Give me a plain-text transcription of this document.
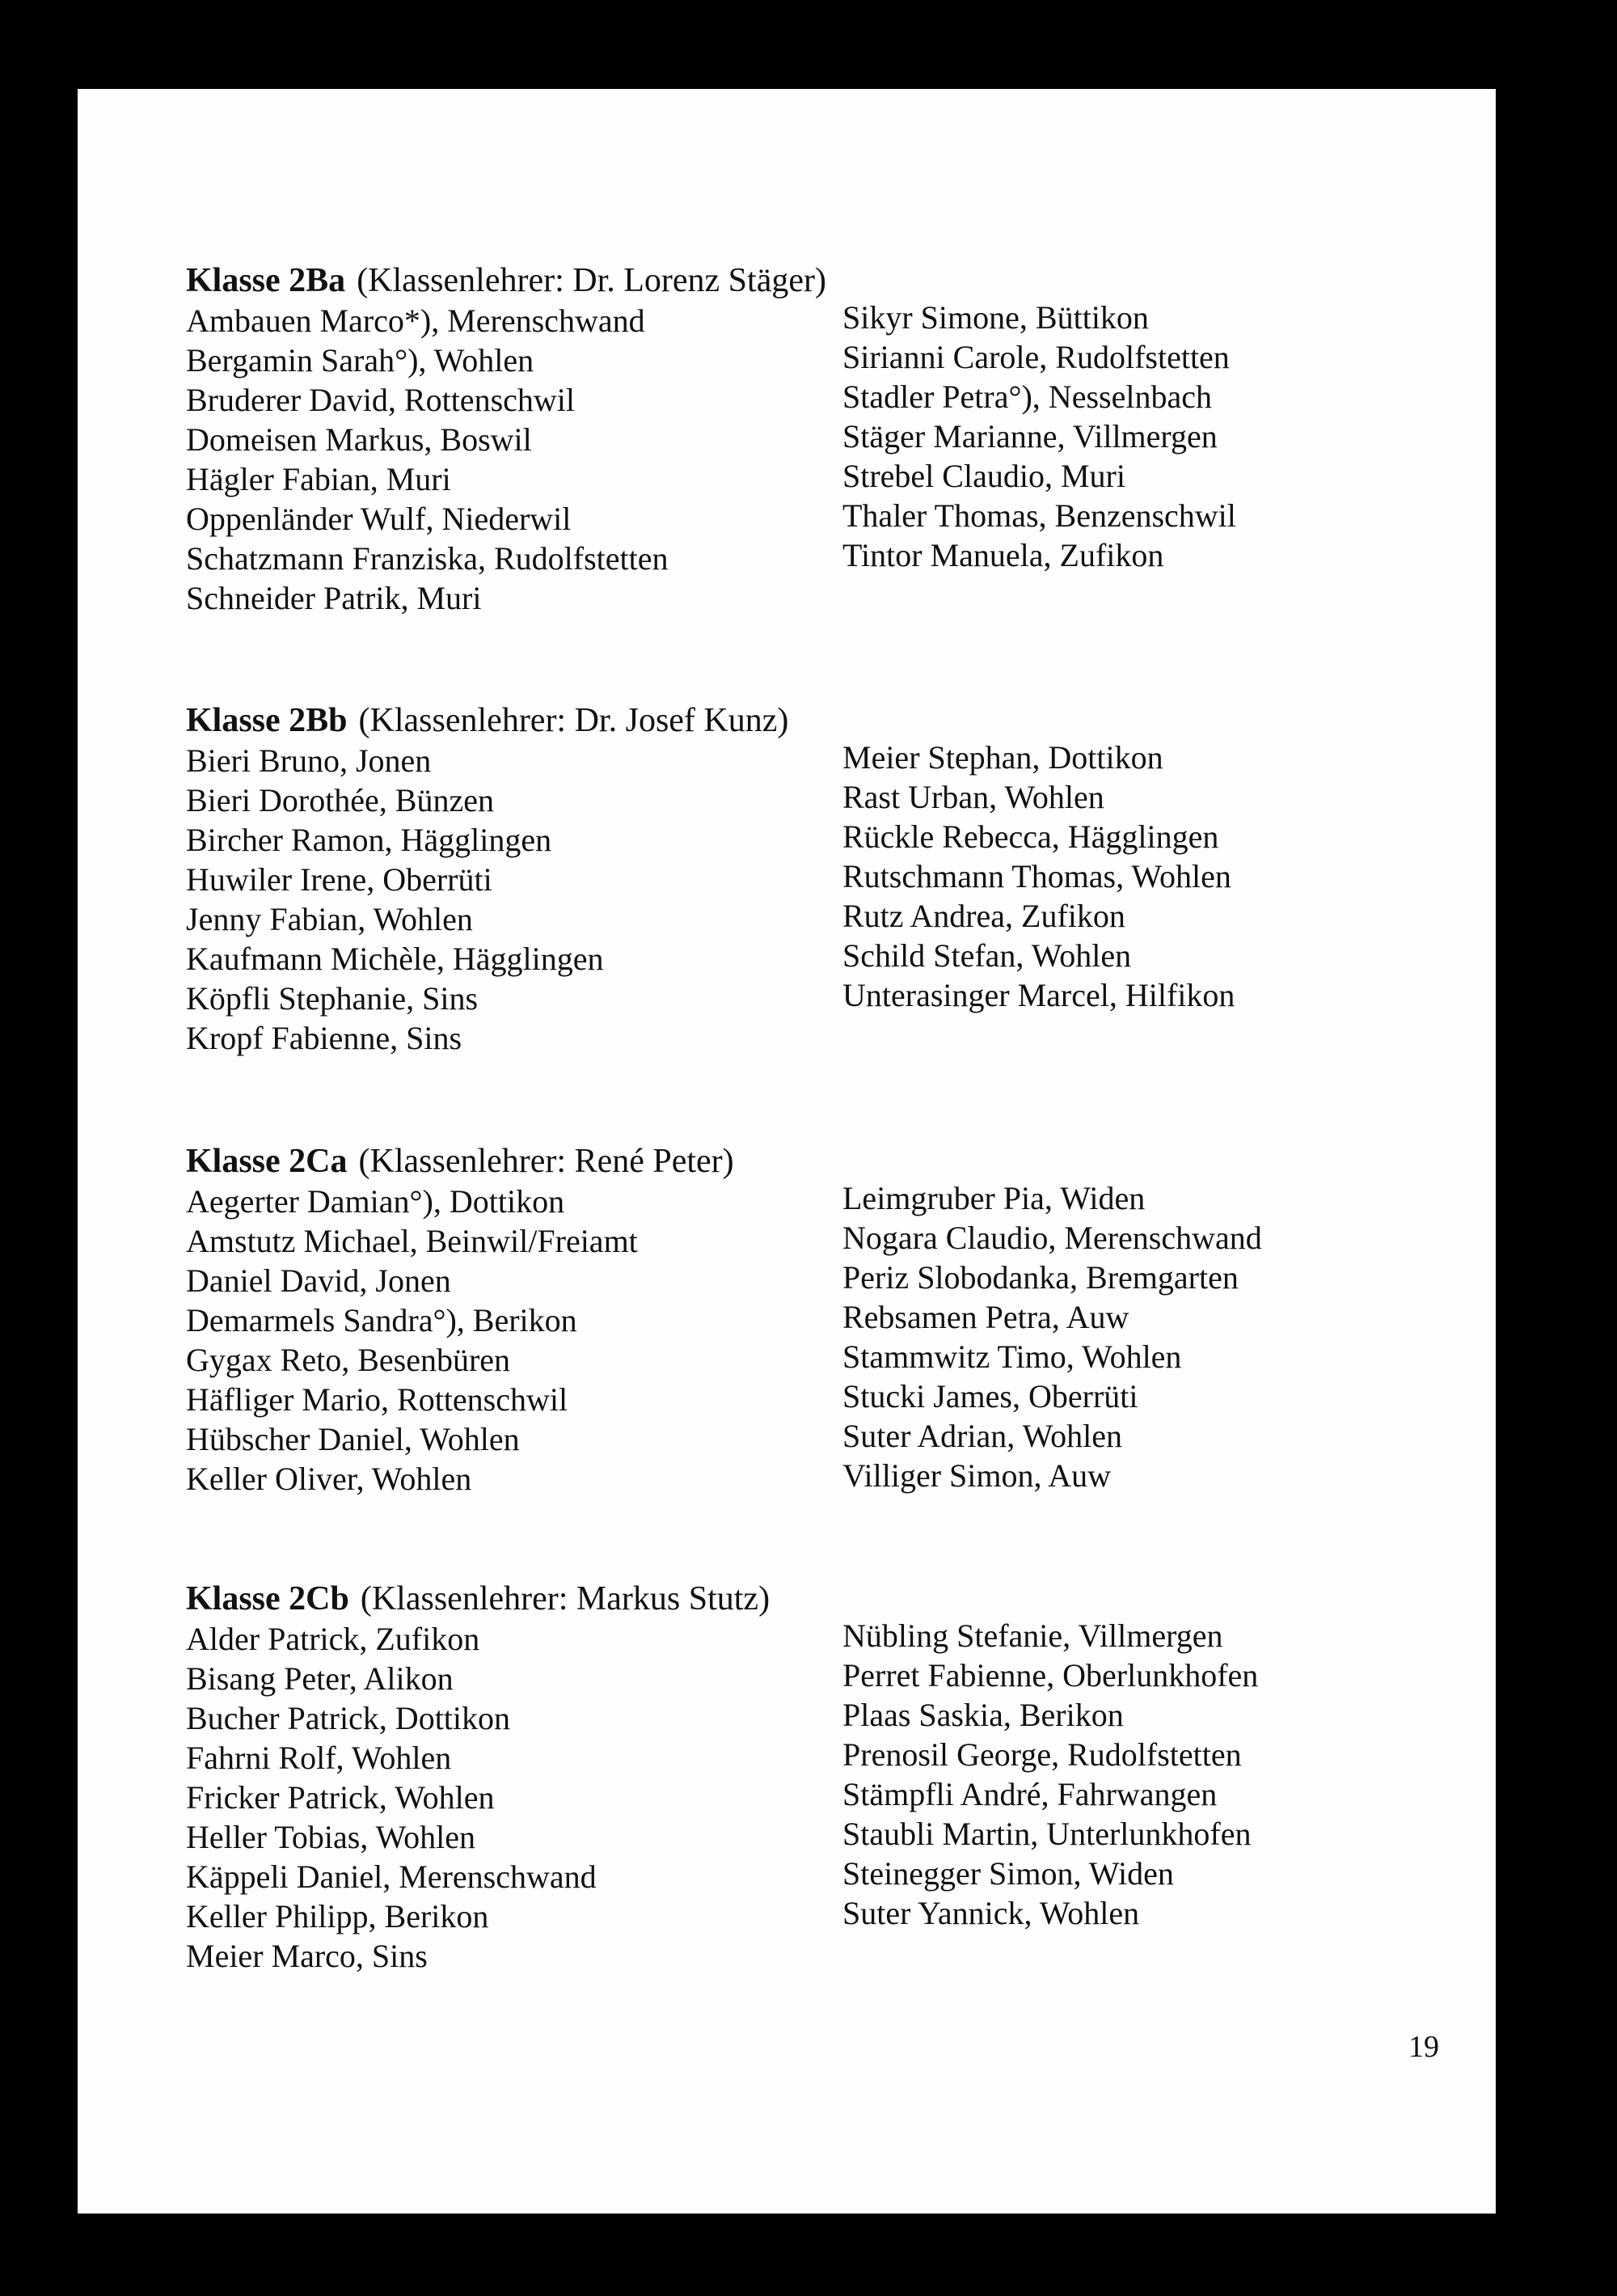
Klasse 2Ba (Klassenlehrer: Dr. Lorenz Stäger)
Ambauen Marco*), Merenschwand
Bergamin Sarah°), Wohlen
Bruderer David, Rottenschwil
Domeisen Markus, Boswil
Hägler Fabian, Muri
Oppenländer Wulf, Niederwil
Schatzmann Franziska, Rudolfstetten
Schneider Patrik, Muri
Sikyr Simone, Büttikon
Sirianni Carole, Rudolfstetten
Stadler Petra°), Nesselnbach
Stäger Marianne, Villmergen
Strebel Claudio, Muri
Thaler Thomas, Benzenschwil
Tintor Manuela, Zufikon
Klasse 2Bb (Klassenlehrer: Dr. Josef Kunz)
Bieri Bruno, Jonen
Bieri Dorothée, Bünzen
Bircher Ramon, Hägglingen
Huwiler Irene, Oberrüti
Jenny Fabian, Wohlen
Kaufmann Michèle, Hägglingen
Köpfli Stephanie, Sins
Kropf Fabienne, Sins
Meier Stephan, Dottikon
Rast Urban, Wohlen
Rückle Rebecca, Hägglingen
Rutschmann Thomas, Wohlen
Rutz Andrea, Zufikon
Schild Stefan, Wohlen
Unterasinger Marcel, Hilfikon
Klasse 2Ca (Klassenlehrer: René Peter)
Aegerter Damian°), Dottikon
Amstutz Michael, Beinwil/Freiamt
Daniel David, Jonen
Demarmels Sandra°), Berikon
Gygax Reto, Besenbüren
Häfliger Mario, Rottenschwil
Hübscher Daniel, Wohlen
Keller Oliver, Wohlen
Leimgruber Pia, Widen
Nogara Claudio, Merenschwand
Periz Slobodanka, Bremgarten
Rebsamen Petra, Auw
Stammwitz Timo, Wohlen
Stucki James, Oberrüti
Suter Adrian, Wohlen
Villiger Simon, Auw
Klasse 2Cb (Klassenlehrer: Markus Stutz)
Alder Patrick, Zufikon
Bisang Peter, Alikon
Bucher Patrick, Dottikon
Fahrni Rolf, Wohlen
Fricker Patrick, Wohlen
Heller Tobias, Wohlen
Käppeli Daniel, Merenschwand
Keller Philipp, Berikon
Meier Marco, Sins
Nübling Stefanie, Villmergen
Perret Fabienne, Oberlunkhofen
Plaas Saskia, Berikon
Prenosil George, Rudolfstetten
Stämpfli André, Fahrwangen
Staubli Martin, Unterlunkhofen
Steinegger Simon, Widen
Suter Yannick, Wohlen
19
